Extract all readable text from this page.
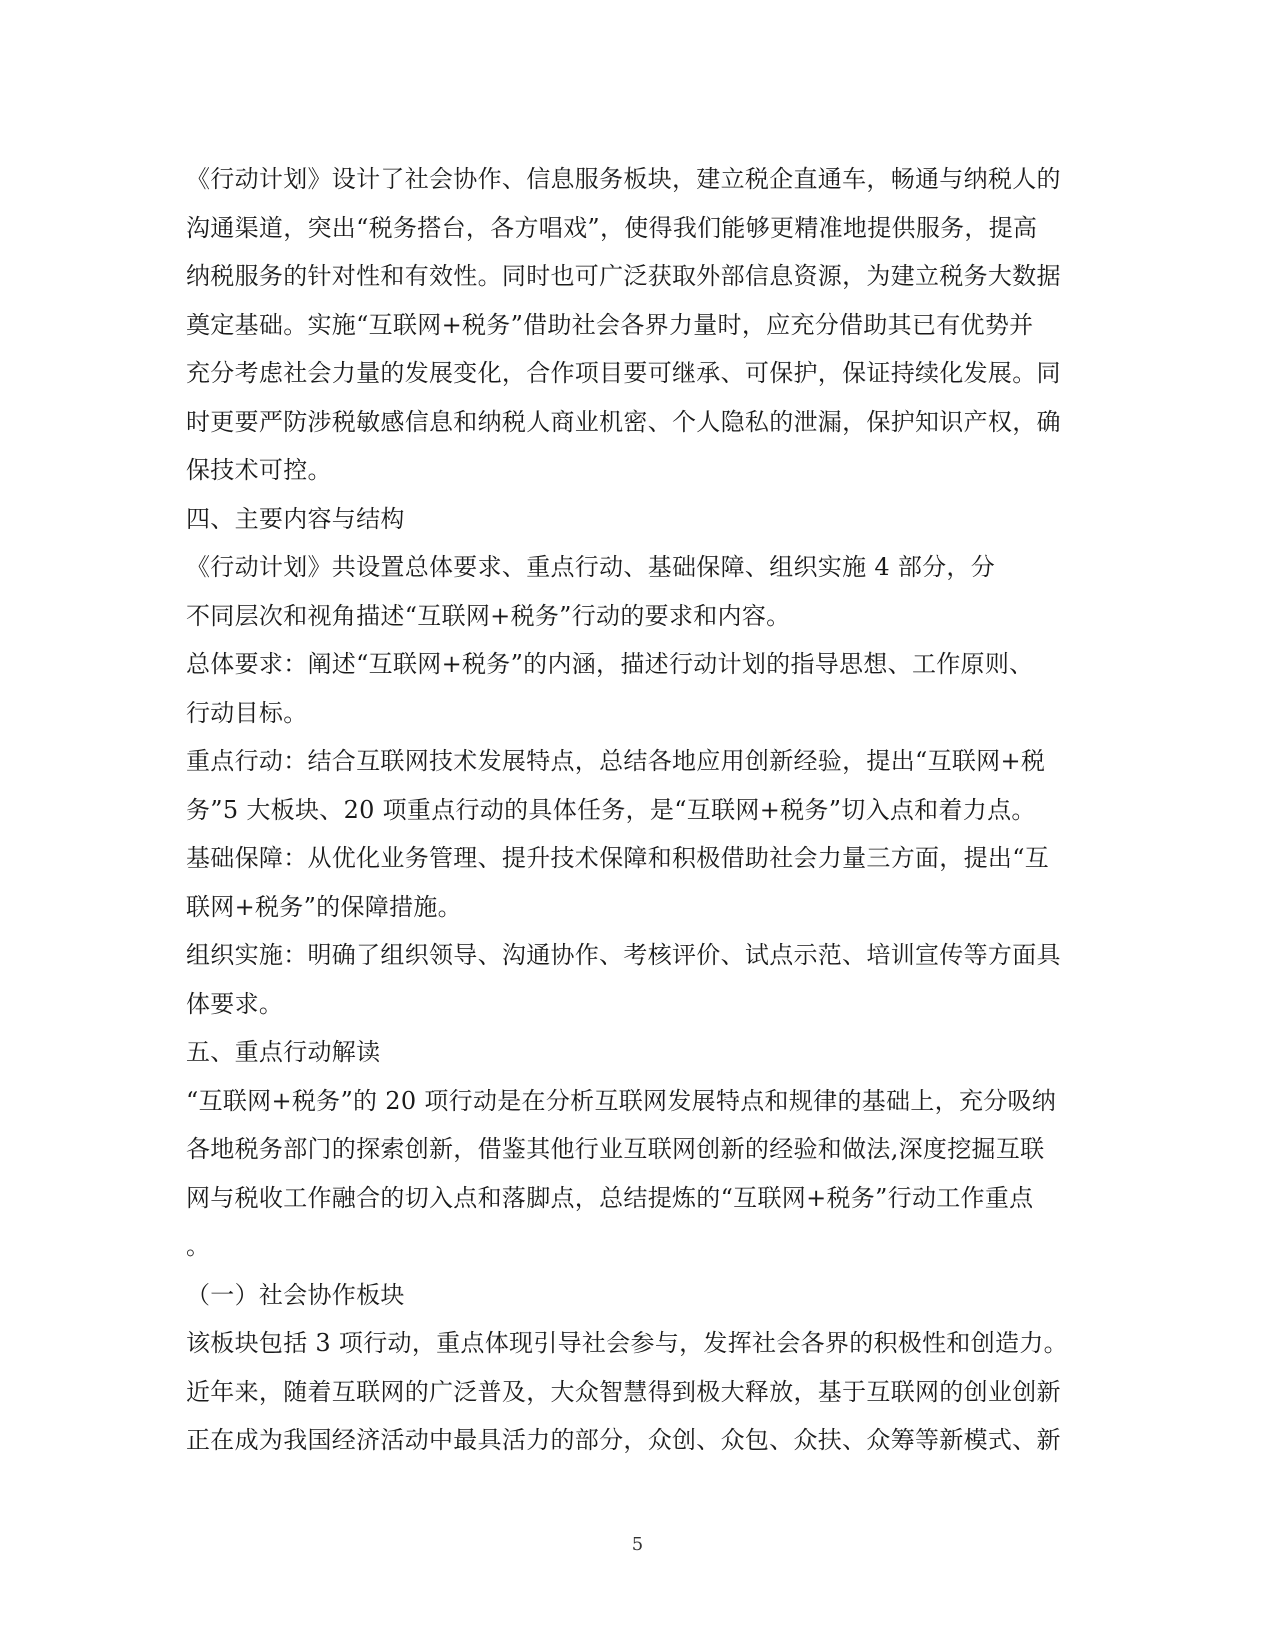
《行动计划》设计了社会协作、信息服务板块，建立税企直通车，畅通与纳税人的
沟通渠道，突出“税务搭台，各方唱戏”，使得我们能够更精准地提供服务，提高
纳税服务的针对性和有效性。同时也可广泛获取外部信息资源，为建立税务大数据
奠定基础。实施“互联网+税务”借助社会各界力量时，应充分借助其已有优势并
充分考虑社会力量的发展变化，合作项目要可继承、可保护，保证持续化发展。同
时更要严防涉税敏感信息和纳税人商业机密、个人隐私的泄漏，保护知识产权，确
保技术可控。
四、主要内容与结构
《行动计划》共设置总体要求、重点行动、基础保障、组织实施 4 部分，分
不同层次和视角描述“互联网+税务”行动的要求和内容。
总体要求：阐述“互联网+税务”的内涵，描述行动计划的指导思想、工作原则、
行动目标。
重点行动：结合互联网技术发展特点，总结各地应用创新经验，提出“互联网+税
务”5 大板块、20 项重点行动的具体任务，是“互联网+税务”切入点和着力点。
基础保障：从优化业务管理、提升技术保障和积极借助社会力量三方面，提出“互
联网+税务”的保障措施。
组织实施：明确了组织领导、沟通协作、考核评价、试点示范、培训宣传等方面具
体要求。
五、重点行动解读
“互联网+税务”的 20 项行动是在分析互联网发展特点和规律的基础上，充分吸纳
各地税务部门的探索创新，借鉴其他行业互联网创新的经验和做法,深度挖掘互联
网与税收工作融合的切入点和落脚点，总结提炼的“互联网+税务”行动工作重点
。
（一）社会协作板块
该板块包括 3 项行动，重点体现引导社会参与，发挥社会各界的积极性和创造力。
近年来，随着互联网的广泛普及，大众智慧得到极大释放，基于互联网的创业创新
正在成为我国经济活动中最具活力的部分，众创、众包、众扶、众筹等新模式、新
5
